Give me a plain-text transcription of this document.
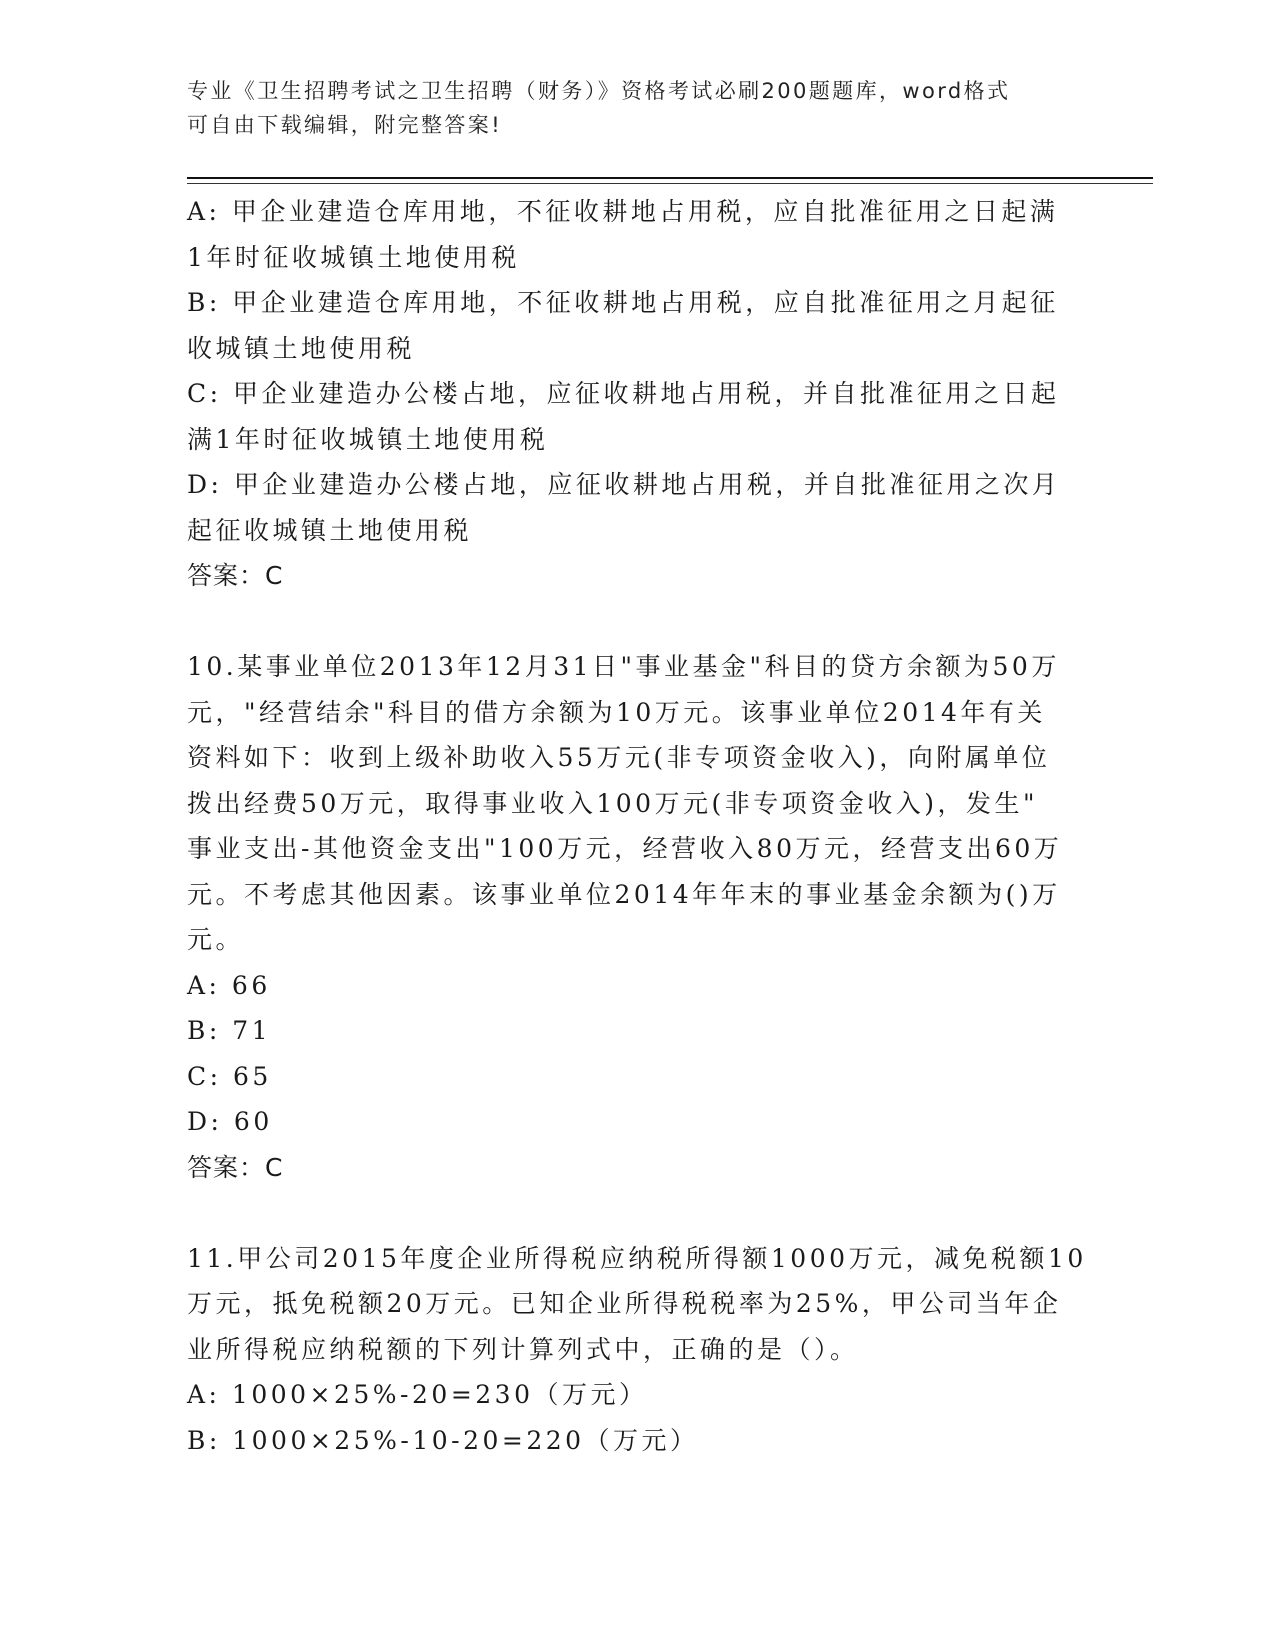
专业《卫生招聘考试之卫生招聘（财务）》资格考试必刷200题题库，word格式
可自由下载编辑，附完整答案!
A: 甲企业建造仓库用地，不征收耕地占用税，应自批准征用之日起满
1年时征收城镇土地使用税
B: 甲企业建造仓库用地，不征收耕地占用税，应自批准征用之月起征
收城镇土地使用税
C: 甲企业建造办公楼占地，应征收耕地占用税，并自批准征用之日起
满1年时征收城镇土地使用税
D: 甲企业建造办公楼占地，应征收耕地占用税，并自批准征用之次月
起征收城镇土地使用税
答案：C
10.某事业单位2013年12月31日"事业基金"科目的贷方余额为50万
元，"经营结余"科目的借方余额为10万元。该事业单位2014年有关
资料如下：收到上级补助收入55万元(非专项资金收入)，向附属单位
拨出经费50万元，取得事业收入100万元(非专项资金收入)，发生"
事业支出-其他资金支出"100万元，经营收入80万元，经营支出60万
元。不考虑其他因素。该事业单位2014年年末的事业基金余额为()万
元。
A: 66
B: 71
C: 65
D: 60
答案：C
11.甲公司2015年度企业所得税应纳税所得额1000万元，减免税额10
万元，抵免税额20万元。已知企业所得税税率为25%，甲公司当年企
业所得税应纳税额的下列计算列式中，正确的是（）。
A: 1000×25%-20=230（万元）
B: 1000×25%-10-20=220（万元）
